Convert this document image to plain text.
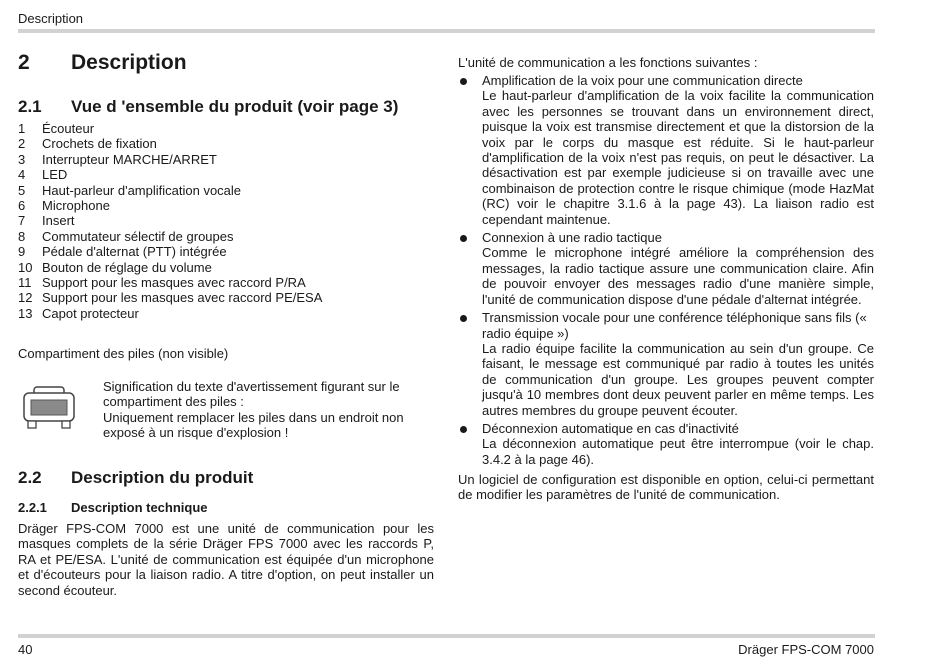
Description
2 Description
2.1 Vue d 'ensemble du produit (voir page 3)
1 Écouteur
2 Crochets de fixation
3 Interrupteur MARCHE/ARRET
4 LED
5 Haut-parleur d'amplification vocale
6 Microphone
7 Insert
8 Commutateur sélectif de groupes
9 Pédale d'alternat (PTT) intégrée
10 Bouton de réglage du volume
11 Support pour les masques avec raccord P/RA
12 Support pour les masques avec raccord PE/ESA
13 Capot protecteur
Compartiment des piles (non visible)
Signification du texte d'avertissement figurant sur le
compartiment des piles :
Uniquement remplacer les piles dans un endroit non
exposé à un risque d'explosion !
2.2 Description du produit
2.2.1 Description technique
Dräger FPS-COM 7000 est une unité de communication pour les masques complets de la série Dräger FPS 7000 avec les raccords P, RA et PE/ESA. L'unité de communication est équipée d'un microphone et d'écouteurs pour la liaison radio. A titre d'option, on peut installer un second écouteur.
L'unité de communication a les fonctions suivantes :
Amplification de la voix pour une communication directe
Le haut-parleur d'amplification de la voix facilite la communication avec les personnes se trouvant dans un environnement direct, puisque la voix est transmise directement et que la distorsion de la voix par le corps du masque est réduite. Si le haut-parleur d'amplification de la voix n'est pas requis, on peut le désactiver. La désactivation est par exemple judicieuse si on travaille avec une combinaison de protection contre le risque chimique (mode HazMat (RC) voir le chapitre 3.1.6 à la page 43). La liaison radio est cependant maintenue.
Connexion à une radio tactique
Comme le microphone intégré améliore la compréhension des messages, la radio tactique assure une communication claire. Afin de pouvoir envoyer des messages radio d'une manière simple, l'unité de communication dispose d'une pédale d'alternat intégrée.
Transmission vocale pour une conférence téléphonique sans fils (« radio équipe »)
La radio équipe facilite la communication au sein d'un groupe. Ce faisant, le message est communiqué par radio à toutes les unités de communication d'un groupe. Les groupes peuvent compter jusqu'à 10 membres dont deux peuvent parler en même temps. Les autres membres du groupe peuvent écouter.
Déconnexion automatique en cas d'inactivité
La déconnexion automatique peut être interrompue (voir le chap. 3.4.2 à la page 46).
Un logiciel de configuration est disponible en option, celui-ci permettant de modifier les paramètres de l'unité de communication.
40	Dräger FPS-COM 7000
